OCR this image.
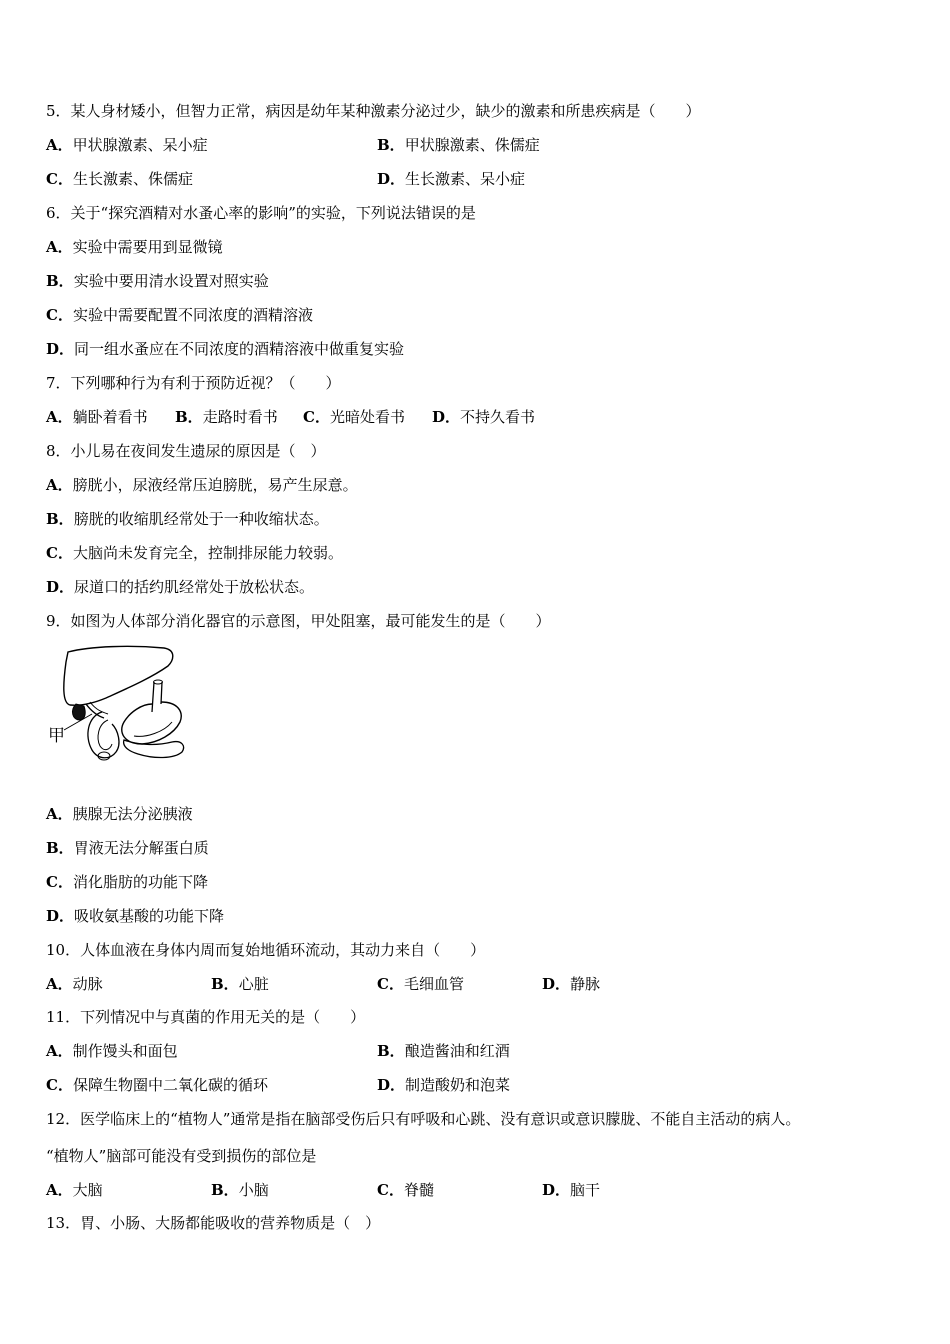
5．某人身材矮小，但智力正常，病因是幼年某种激素分泌过少，缺少的激素和所患疾病是（　　）
A．甲状腺激素、呆小症	B．甲状腺激素、侏儒症
C．生长激素、侏儒症	D．生长激素、呆小症
6．关于“探究酒精对水蚤心率的影响”的实验，下列说法错误的是
A．实验中需要用到显微镜
B．实验中要用清水设置对照实验
C．实验中需要配置不同浓度的酒精溶液
D．同一组水蚤应在不同浓度的酒精溶液中做重复实验
7．下列哪种行为有利于预防近视？（　　）
A．躺卧着看书 B．走路时看书 C．光暗处看书 D．不持久看书
8．小儿易在夜间发生遗尿的原因是（　）
A．膀胱小，尿液经常压迫膀胱，易产生尿意。
B．膀胱的收缩肌经常处于一种收缩状态。
C．大脑尚未发育完全，控制排尿能力较弱。
D．尿道口的括约肌经常处于放松状态。
9．如图为人体部分消化器官的示意图，甲处阻塞，最可能发生的是（　　）
甲
A．胰腺无法分泌胰液
B．胃液无法分解蛋白质
C．消化脂肪的功能下降
D．吸收氨基酸的功能下降
10．人体血液在身体内周而复始地循环流动，其动力来自（　　）
A．动脉	B．心脏	C．毛细血管	D．静脉
11．下列情况中与真菌的作用无关的是（　　）
A．制作馒头和面包	B．酿造酱油和红酒
C．保障生物圈中二氧化碳的循环	D．制造酸奶和泡菜
12．医学临床上的“植物人”通常是指在脑部受伤后只有呼吸和心跳、没有意识或意识朦胧、不能自主活动的病人。
“植物人”脑部可能没有受到损伤的部位是
A．大脑	B．小脑	C．脊髓	D．脑干
13．胃、小肠、大肠都能吸收的营养物质是（　）
